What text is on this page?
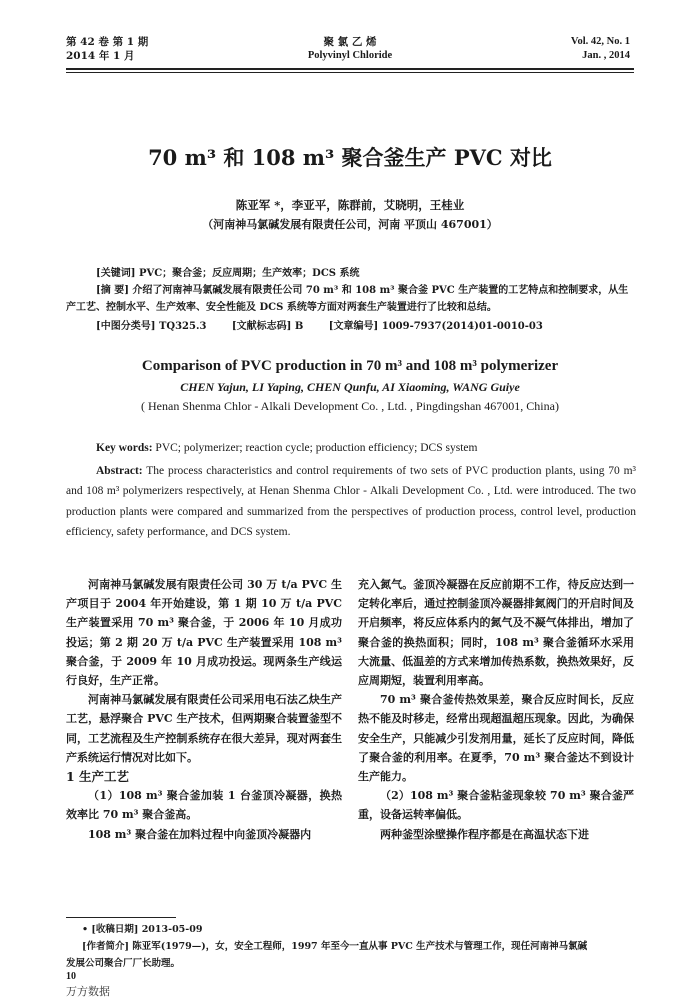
第 42 卷 第 1 期
2014 年 1 月
聚 氯 乙 烯
Polyvinyl Chloride
Vol. 42, No. 1
Jan. , 2014
70 m³ 和 108 m³ 聚合釜生产 PVC 对比
陈亚军 *，李亚平，陈群前，艾晓明，王桂业
（河南神马氯碱发展有限责任公司，河南 平顶山 467001）
[关键词] PVC；聚合釜；反应周期；生产效率；DCS 系统
[摘 要] 介绍了河南神马氯碱发展有限责任公司 70 m³ 和 108 m³ 聚合釜 PVC 生产装置的工艺特点和控制要求，从生产工艺、控制水平、生产效率、安全性能及 DCS 系统等方面对两套生产装置进行了比较和总结。
[中图分类号] TQ325.3	[文献标志码] B	[文章编号] 1009-7937(2014)01-0010-03
Comparison of PVC production in 70 m³ and 108 m³ polymerizer
CHEN Yajun, LI Yaping, CHEN Qunfu, AI Xiaoming, WANG Guiye
( Henan Shenma Chlor - Alkali Development Co. , Ltd. , Pingdingshan 467001, China)
Key words: PVC; polymerizer; reaction cycle; production efficiency; DCS system
Abstract: The process characteristics and control requirements of two sets of PVC production plants, using 70 m³ and 108 m³ polymerizers respectively, at Henan Shenma Chlor - Alkali Development Co. , Ltd. were introduced. The two production plants were compared and summarized from the perspectives of production process, control level, production efficiency, safety performance, and DCS system.

河南神马氯碱发展有限责任公司 30 万 t/a PVC 生产项目于 2004 年开始建设，第 1 期 10 万 t/a PVC 生产装置采用 70 m³ 聚合釜，于 2006 年 10 月成功投运；第 2 期 20 万 t/a PVC 生产装置采用 108 m³ 聚合釜，于 2009 年 10 月成功投运。现两条生产线运行良好，生产正常。

河南神马氯碱发展有限责任公司采用电石法乙炔生产工艺，悬浮聚合 PVC 生产技术，但两期聚合装置釜型不同，工艺流程及生产控制系统存在很大差异，现对两套生产系统运行情况对比如下。

1 生产工艺

（1）108 m³ 聚合釜加装 1 台釜顶冷凝器，换热效率比 70 m³ 聚合釜高。

108 m³ 聚合釜在加料过程中向釜顶冷凝器内

充入氮气。釜顶冷凝器在反应前期不工作，待反应达到一定转化率后，通过控制釜顶冷凝器排氮阀门的开启时间及开启频率，将反应体系内的氮气及不凝气体排出，增加了聚合釜的换热面积；同时，108 m³ 聚合釜循环水采用大流量、低温差的方式来增加传热系数，换热效果好，反应周期短，装置利用率高。

70 m³ 聚合釜传热效果差，聚合反应时间长，反应热不能及时移走，经常出现超温超压现象。因此，为确保安全生产，只能减少引发剂用量，延长了反应时间，降低了聚合釜的利用率。在夏季，70 m³ 聚合釜达不到设计生产能力。

（2）108 m³ 聚合釜粘釜现象较 70 m³ 聚合釜严重，设备运转率偏低。

两种釜型涂壁操作程序都是在高温状态下进

• [收稿日期] 2013-05-09
[作者简介] 陈亚军(1979—)，女，安全工程师，1997 年至今一直从事 PVC 生产技术与管理工作，现任河南神马氯碱
发展公司聚合厂厂长助理。
10
万方数据
